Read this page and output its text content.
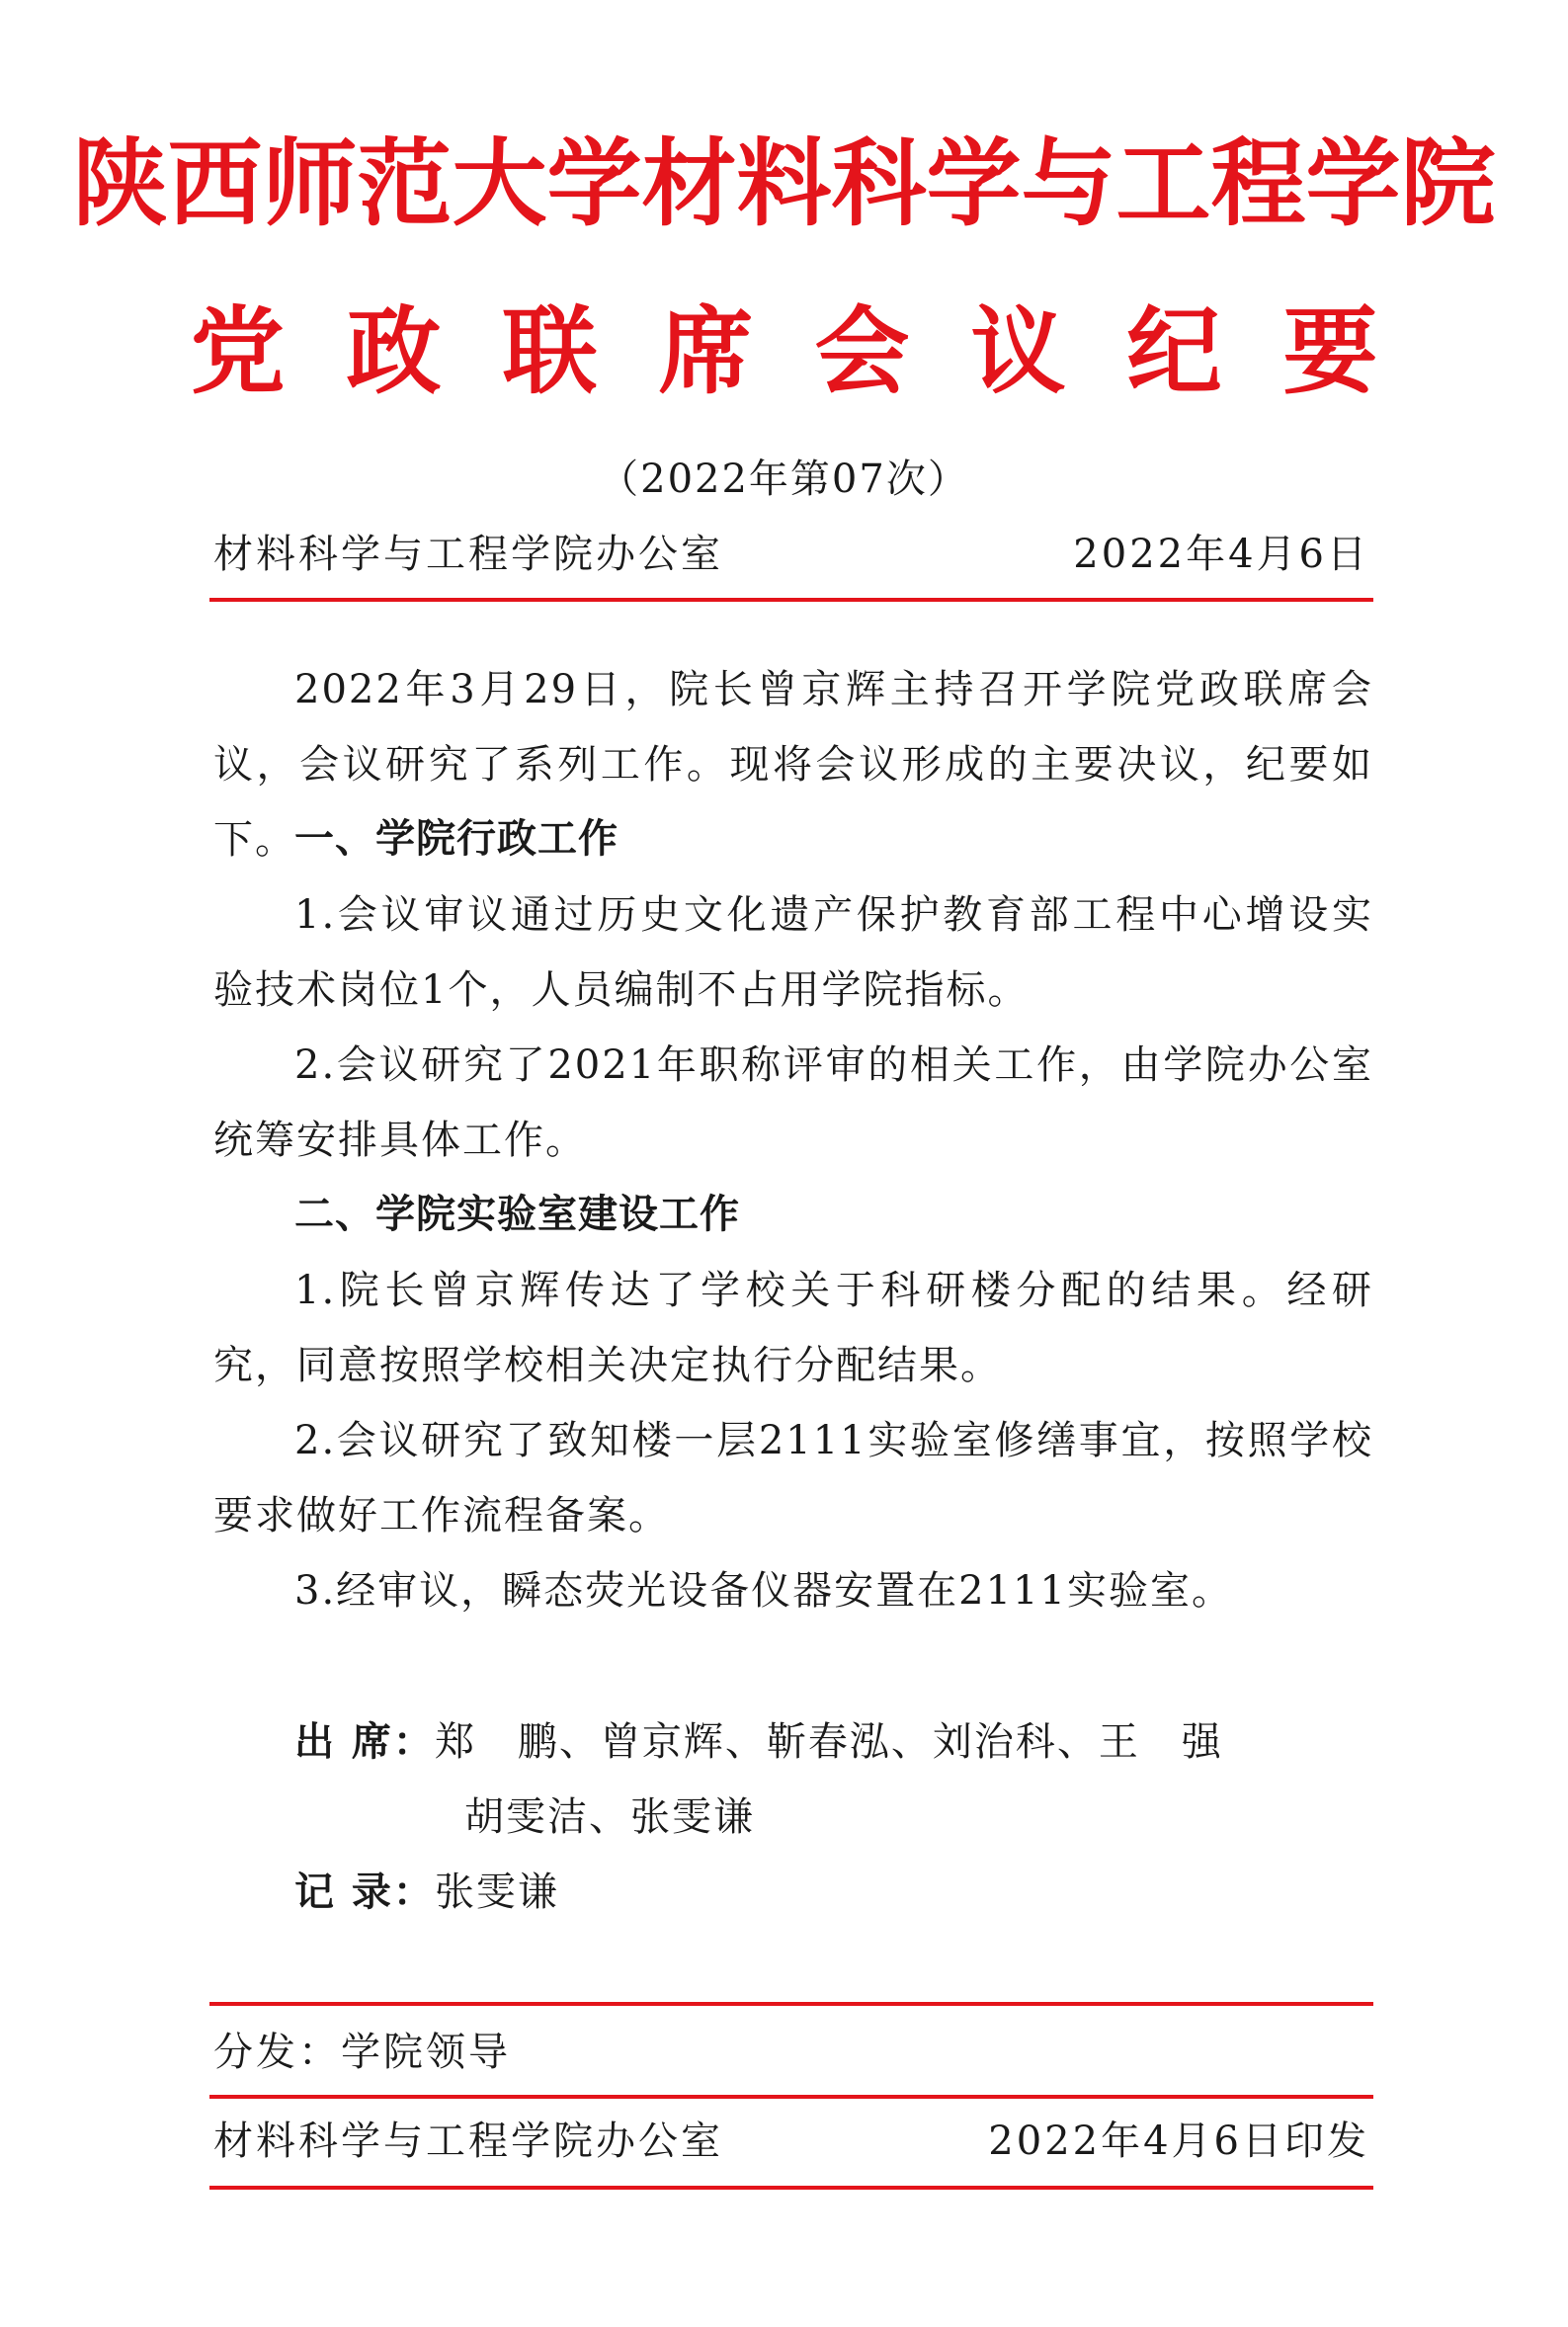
陕西师范大学材料科学与工程学院
党政联席会议纪要
（2022年第07次）
材料科学与工程学院办公室	2022年4月6日

2022年3月29日，院长曾京辉主持召开学院党政联席会议，会议研究了系列工作。现将会议形成的主要决议，纪要如下。

一、学院行政工作

1.会议审议通过历史文化遗产保护教育部工程中心增设实验技术岗位1个，人员编制不占用学院指标。

2.会议研究了2021年职称评审的相关工作，由学院办公室统筹安排具体工作。

二、学院实验室建设工作

1.院长曾京辉传达了学校关于科研楼分配的结果。经研究，同意按照学校相关决定执行分配结果。

2.会议研究了致知楼一层2111实验室修缮事宜，按照学校要求做好工作流程备案。

3.经审议，瞬态荧光设备仪器安置在2111实验室。

出 席：郑　鹏、曾京辉、靳春泓、刘治科、王　强
胡雯洁、张雯谦
记 录：张雯谦
分发：学院领导
材料科学与工程学院办公室	2022年4月6日印发
